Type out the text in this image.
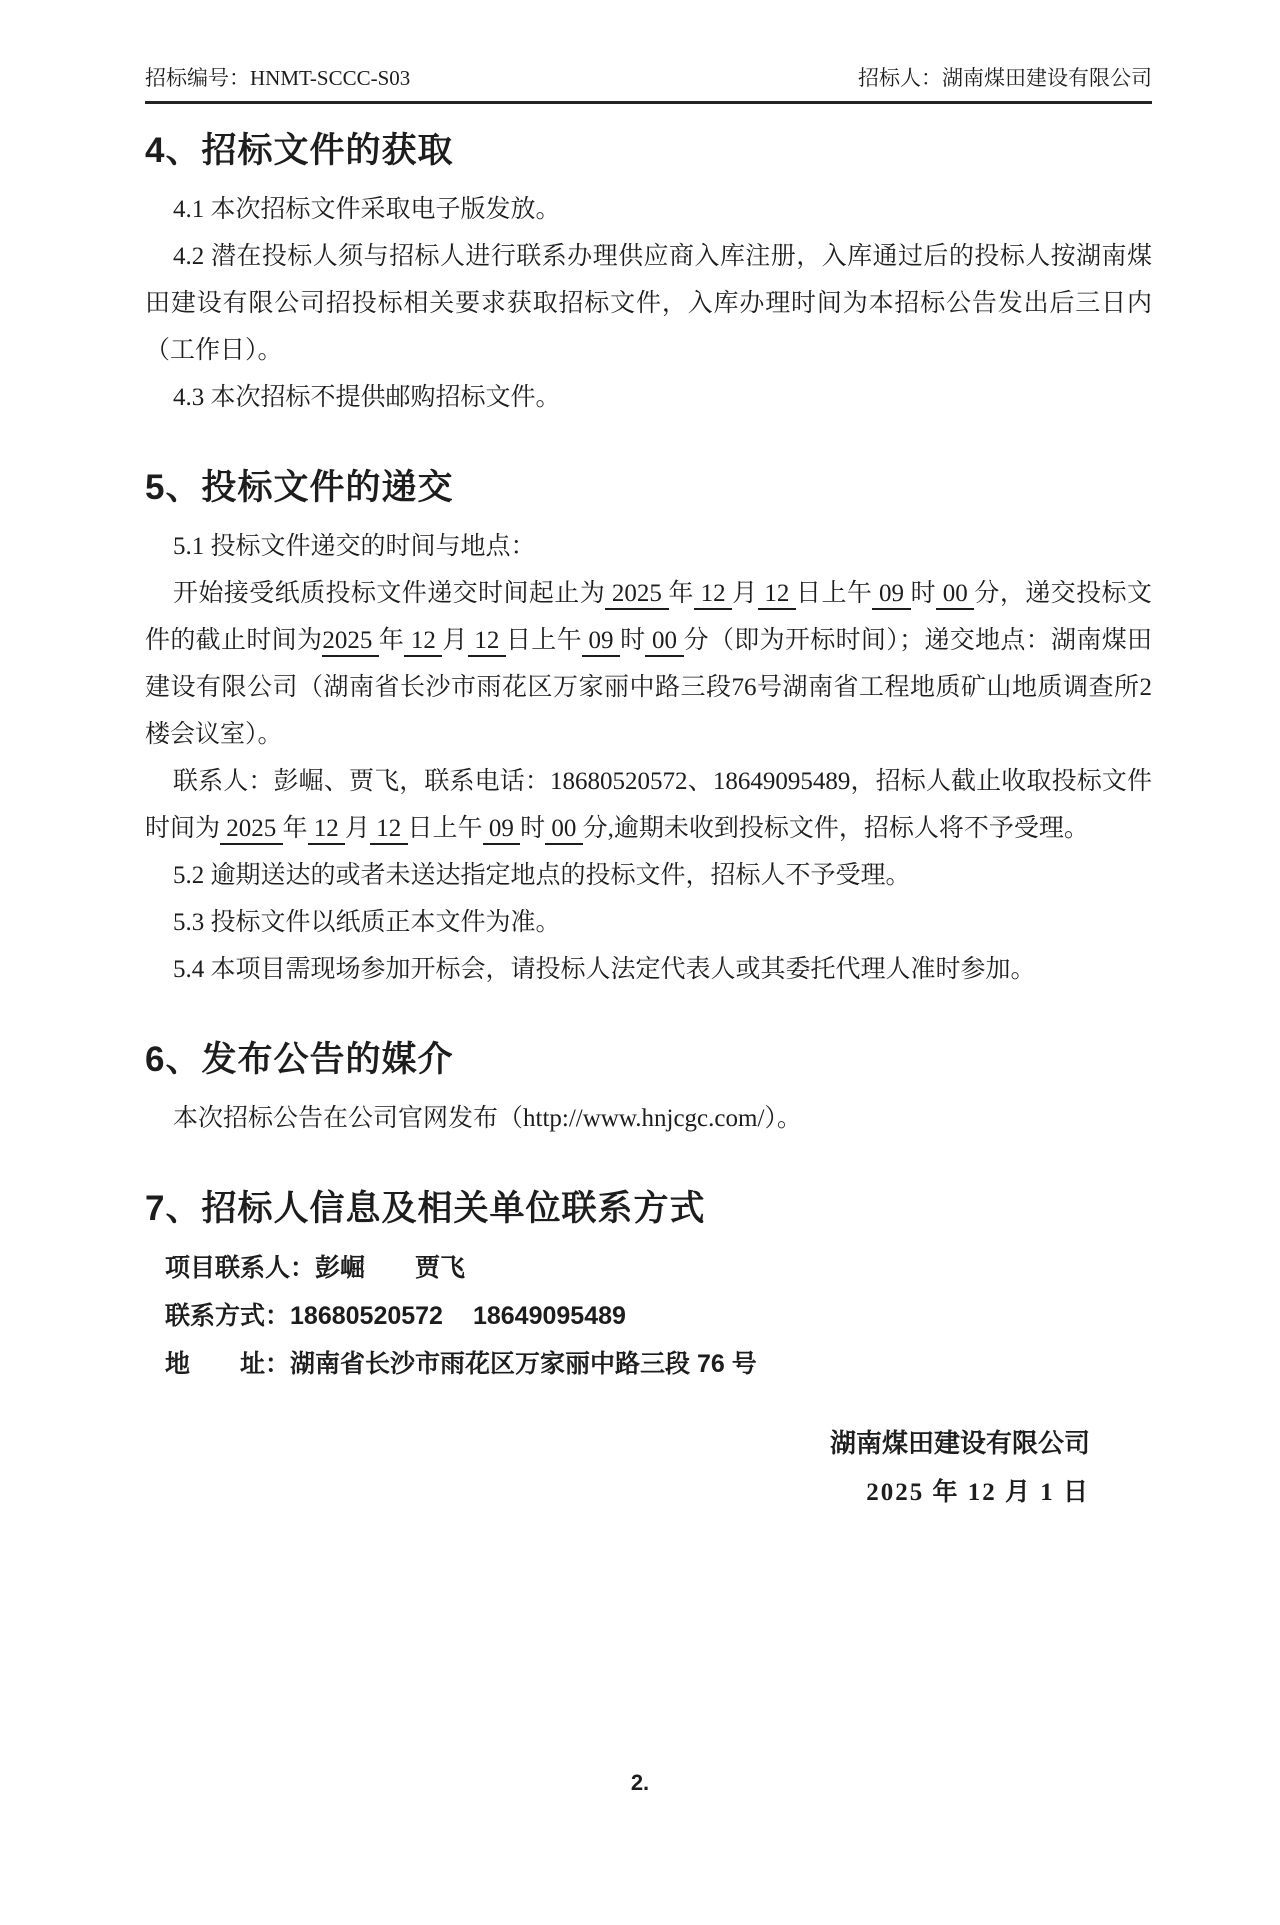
招标编号：HNMT-SCCC-S03	招标人：湖南煤田建设有限公司
4、招标文件的获取

4.1 本次招标文件采取电子版发放。

4.2 潜在投标人须与招标人进行联系办理供应商入库注册，入库通过后的投标人按湖南煤田建设有限公司招投标相关要求获取招标文件，入库办理时间为本招标公告发出后三日内（工作日）。

4.3 本次招标不提供邮购招标文件。

5、投标文件的递交

5.1 投标文件递交的时间与地点：

开始接受纸质投标文件递交时间起止为 2025 年 12 月 12 日上午 09 时 00 分，递交投标文件的截止时间为2025 年 12 月 12 日上午 09 时 00 分（即为开标时间）；递交地点：湖南煤田建设有限公司（湖南省长沙市雨花区万家丽中路三段76号湖南省工程地质矿山地质调查所2楼会议室）。

联系人：彭崛、贾飞，联系电话：18680520572、18649095489，招标人截止收取投标文件时间为 2025 年 12 月 12 日上午 09 时 00 分,逾期未收到投标文件，招标人将不予受理。

5.2 逾期送达的或者未送达指定地点的投标文件，招标人不予受理。

5.3 投标文件以纸质正本文件为准。

5.4 本项目需现场参加开标会，请投标人法定代表人或其委托代理人准时参加。

6、发布公告的媒介

本次招标公告在公司官网发布（http://www.hnjcgc.com/）。

7、招标人信息及相关单位联系方式

项目联系人：彭崛　　贾飞

联系方式：18680520572　 18649095489

地　　址：湖南省长沙市雨花区万家丽中路三段 76 号

湖南煤田建设有限公司

2025 年 12 月 1 日

2.
